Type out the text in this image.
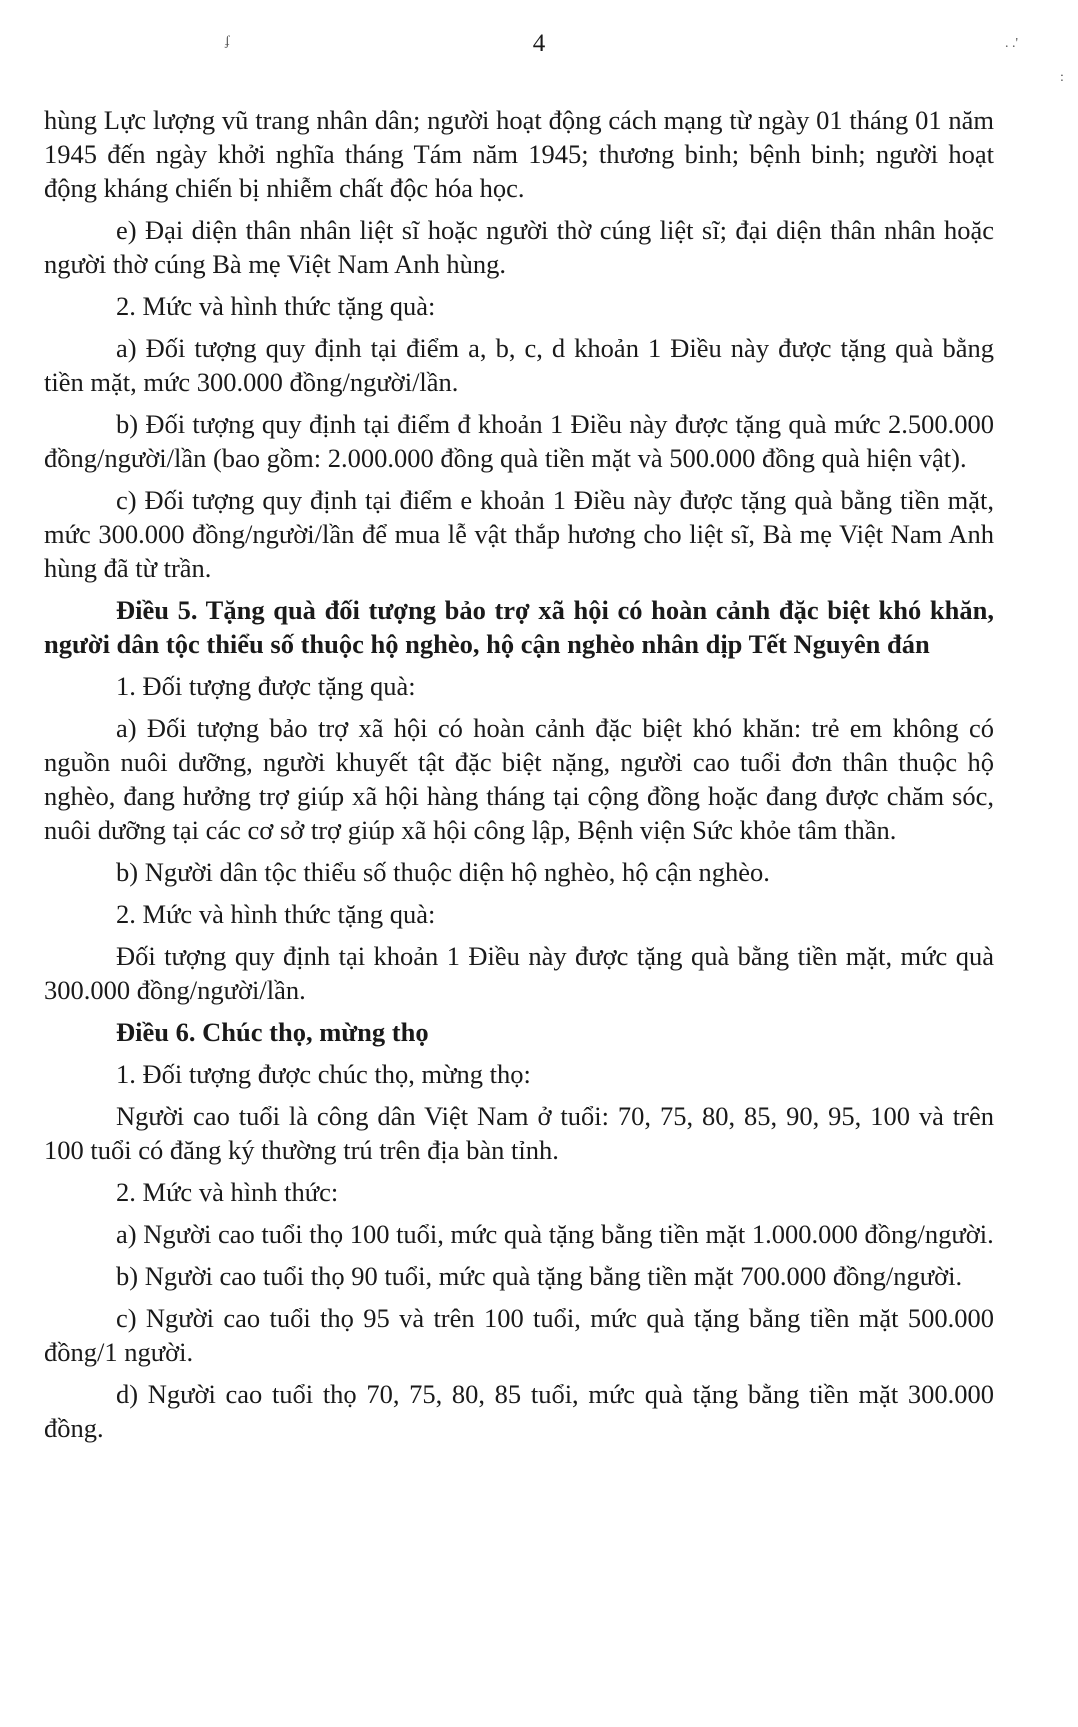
4
ʄ	. .'
:

hùng Lực lượng vũ trang nhân dân; người hoạt động cách mạng từ ngày 01 tháng 01 năm 1945 đến ngày khởi nghĩa tháng Tám năm 1945; thương binh; bệnh binh; người hoạt động kháng chiến bị nhiễm chất độc hóa học.

e) Đại diện thân nhân liệt sĩ hoặc người thờ cúng liệt sĩ; đại diện thân nhân hoặc người thờ cúng Bà mẹ Việt Nam Anh hùng.

2. Mức và hình thức tặng quà:

a) Đối tượng quy định tại điểm a, b, c, d khoản 1 Điều này được tặng quà bằng tiền mặt, mức 300.000 đồng/người/lần.

b) Đối tượng quy định tại điểm đ khoản 1 Điều này được tặng quà mức 2.500.000 đồng/người/lần (bao gồm: 2.000.000 đồng quà tiền mặt và 500.000 đồng quà hiện vật).

c) Đối tượng quy định tại điểm e khoản 1 Điều này được tặng quà bằng tiền mặt, mức 300.000 đồng/người/lần để mua lễ vật thắp hương cho liệt sĩ, Bà mẹ Việt Nam Anh hùng đã từ trần.

Điều 5. Tặng quà đối tượng bảo trợ xã hội có hoàn cảnh đặc biệt khó khăn, người dân tộc thiểu số thuộc hộ nghèo, hộ cận nghèo nhân dịp Tết Nguyên đán

1. Đối tượng được tặng quà:

a) Đối tượng bảo trợ xã hội có hoàn cảnh đặc biệt khó khăn: trẻ em không có nguồn nuôi dưỡng, người khuyết tật đặc biệt nặng, người cao tuổi đơn thân thuộc hộ nghèo, đang hưởng trợ giúp xã hội hàng tháng tại cộng đồng hoặc đang được chăm sóc, nuôi dưỡng tại các cơ sở trợ giúp xã hội công lập, Bệnh viện Sức khỏe tâm thần.

b) Người dân tộc thiểu số thuộc diện hộ nghèo, hộ cận nghèo.

2. Mức và hình thức tặng quà:

Đối tượng quy định tại khoản 1 Điều này được tặng quà bằng tiền mặt, mức quà 300.000 đồng/người/lần.

Điều 6. Chúc thọ, mừng thọ

1. Đối tượng được chúc thọ, mừng thọ:

Người cao tuổi là công dân Việt Nam ở tuổi: 70, 75, 80, 85, 90, 95, 100 và trên 100 tuổi có đăng ký thường trú trên địa bàn tỉnh.

2. Mức và hình thức:

a) Người cao tuổi thọ 100 tuổi, mức quà tặng bằng tiền mặt 1.000.000 đồng/người.

b) Người cao tuổi thọ 90 tuổi, mức quà tặng bằng tiền mặt 700.000 đồng/người.

c) Người cao tuổi thọ 95 và trên 100 tuổi, mức quà tặng bằng tiền mặt 500.000 đồng/1 người.

d) Người cao tuổi thọ 70, 75, 80, 85 tuổi, mức quà tặng bằng tiền mặt 300.000 đồng.
